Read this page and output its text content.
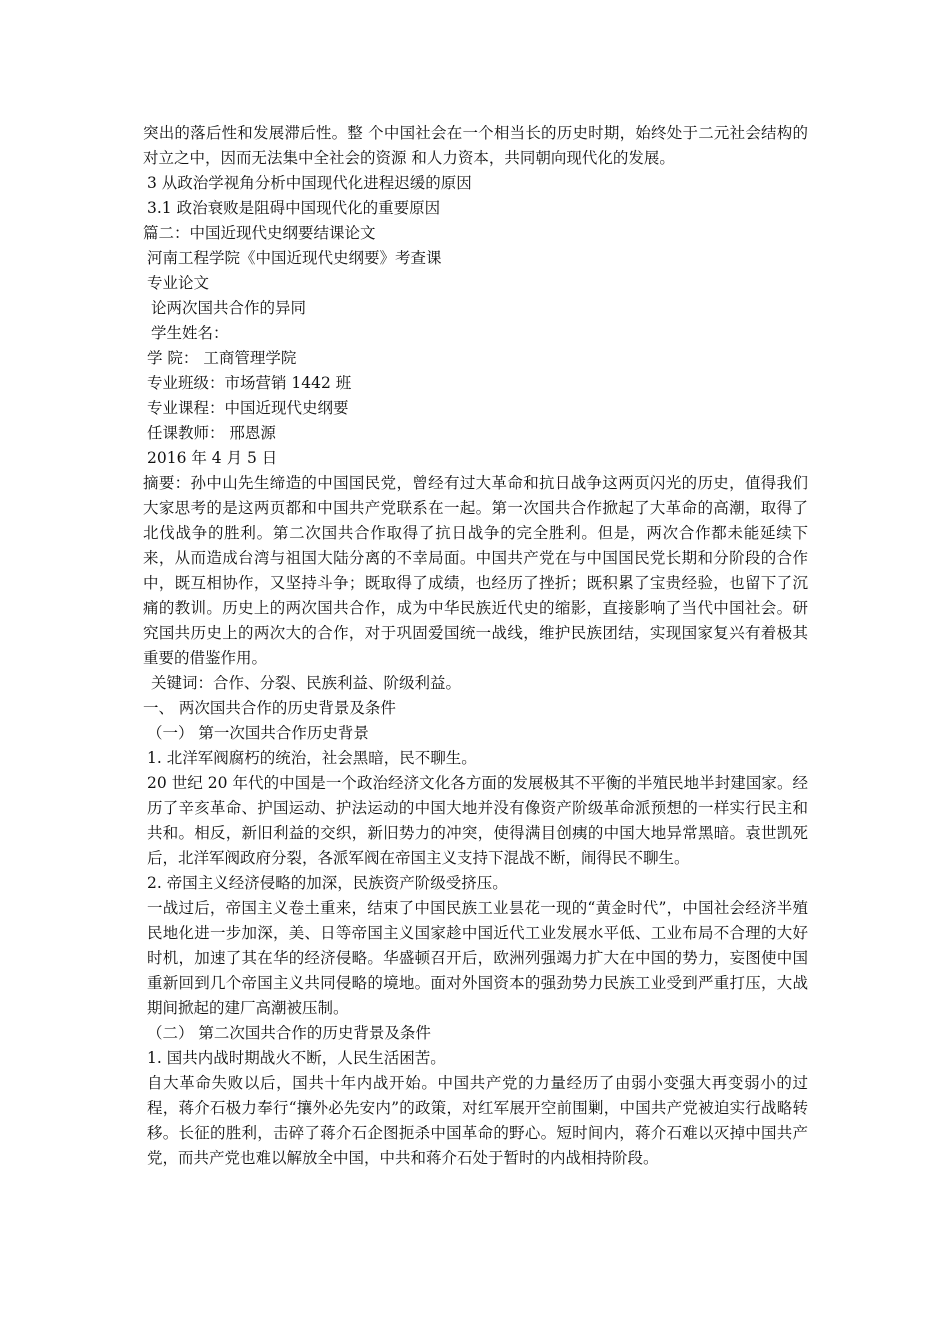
突出的落后性和发展滞后性。整 个中国社会在一个相当长的历史时期，始终处于二元社会结构的对立之中，因而无法集中全社会的资源 和人力资本，共同朝向现代化的发展。

3 从政治学视角分析中国现代化进程迟缓的原因

3.1 政治衰败是阻碍中国现代化的重要原因

篇二：中国近现代史纲要结课论文

河南工程学院《中国近现代史纲要》考查课

专业论文

论两次国共合作的异同

学生姓名：

学 院： 工商管理学院

专业班级：市场营销 1442 班

专业课程：中国近现代史纲要

任课教师： 邢恩源

2016 年 4 月 5 日

摘要：孙中山先生缔造的中国国民党，曾经有过大革命和抗日战争这两页闪光的历史，值得我们大家思考的是这两页都和中国共产党联系在一起。第一次国共合作掀起了大革命的高潮，取得了北伐战争的胜利。第二次国共合作取得了抗日战争的完全胜利。但是，两次合作都未能延续下来，从而造成台湾与祖国大陆分离的不幸局面。中国共产党在与中国国民党长期和分阶段的合作中，既互相协作，又坚持斗争；既取得了成绩，也经历了挫折；既积累了宝贵经验，也留下了沉痛的教训。历史上的两次国共合作，成为中华民族近代史的缩影，直接影响了当代中国社会。研究国共历史上的两次大的合作，对于巩固爱国统一战线，维护民族团结，实现国家复兴有着极其重要的借鉴作用。

关键词：合作、分裂、民族利益、阶级利益。

一、 两次国共合作的历史背景及条件

（一） 第一次国共合作历史背景

1. 北洋军阀腐朽的统治，社会黑暗，民不聊生。

20 世纪 20 年代的中国是一个政治经济文化各方面的发展极其不平衡的半殖民地半封建国家。经历了辛亥革命、护国运动、护法运动的中国大地并没有像资产阶级革命派预想的一样实行民主和共和。相反，新旧利益的交织，新旧势力的冲突，使得满目创痍的中国大地异常黑暗。袁世凯死后，北洋军阀政府分裂，各派军阀在帝国主义支持下混战不断，闹得民不聊生。

2. 帝国主义经济侵略的加深，民族资产阶级受挤压。

一战过后，帝国主义卷土重来，结束了中国民族工业昙花一现的“黄金时代”，中国社会经济半殖民地化进一步加深，美、日等帝国主义国家趁中国近代工业发展水平低、工业布局不合理的大好时机，加速了其在华的经济侵略。华盛顿召开后，欧洲列强竭力扩大在中国的势力，妄图使中国重新回到几个帝国主义共同侵略的境地。面对外国资本的强劲势力民族工业受到严重打压，大战期间掀起的建厂高潮被压制。

（二） 第二次国共合作的历史背景及条件

1. 国共内战时期战火不断，人民生活困苦。

自大革命失败以后，国共十年内战开始。中国共产党的力量经历了由弱小变强大再变弱小的过程，蒋介石极力奉行“攘外必先安内”的政策，对红军展开空前围剿，中国共产党被迫实行战略转移。长征的胜利，击碎了蒋介石企图扼杀中国革命的野心。短时间内，蒋介石难以灭掉中国共产党，而共产党也难以解放全中国，中共和蒋介石处于暂时的内战相持阶段。
